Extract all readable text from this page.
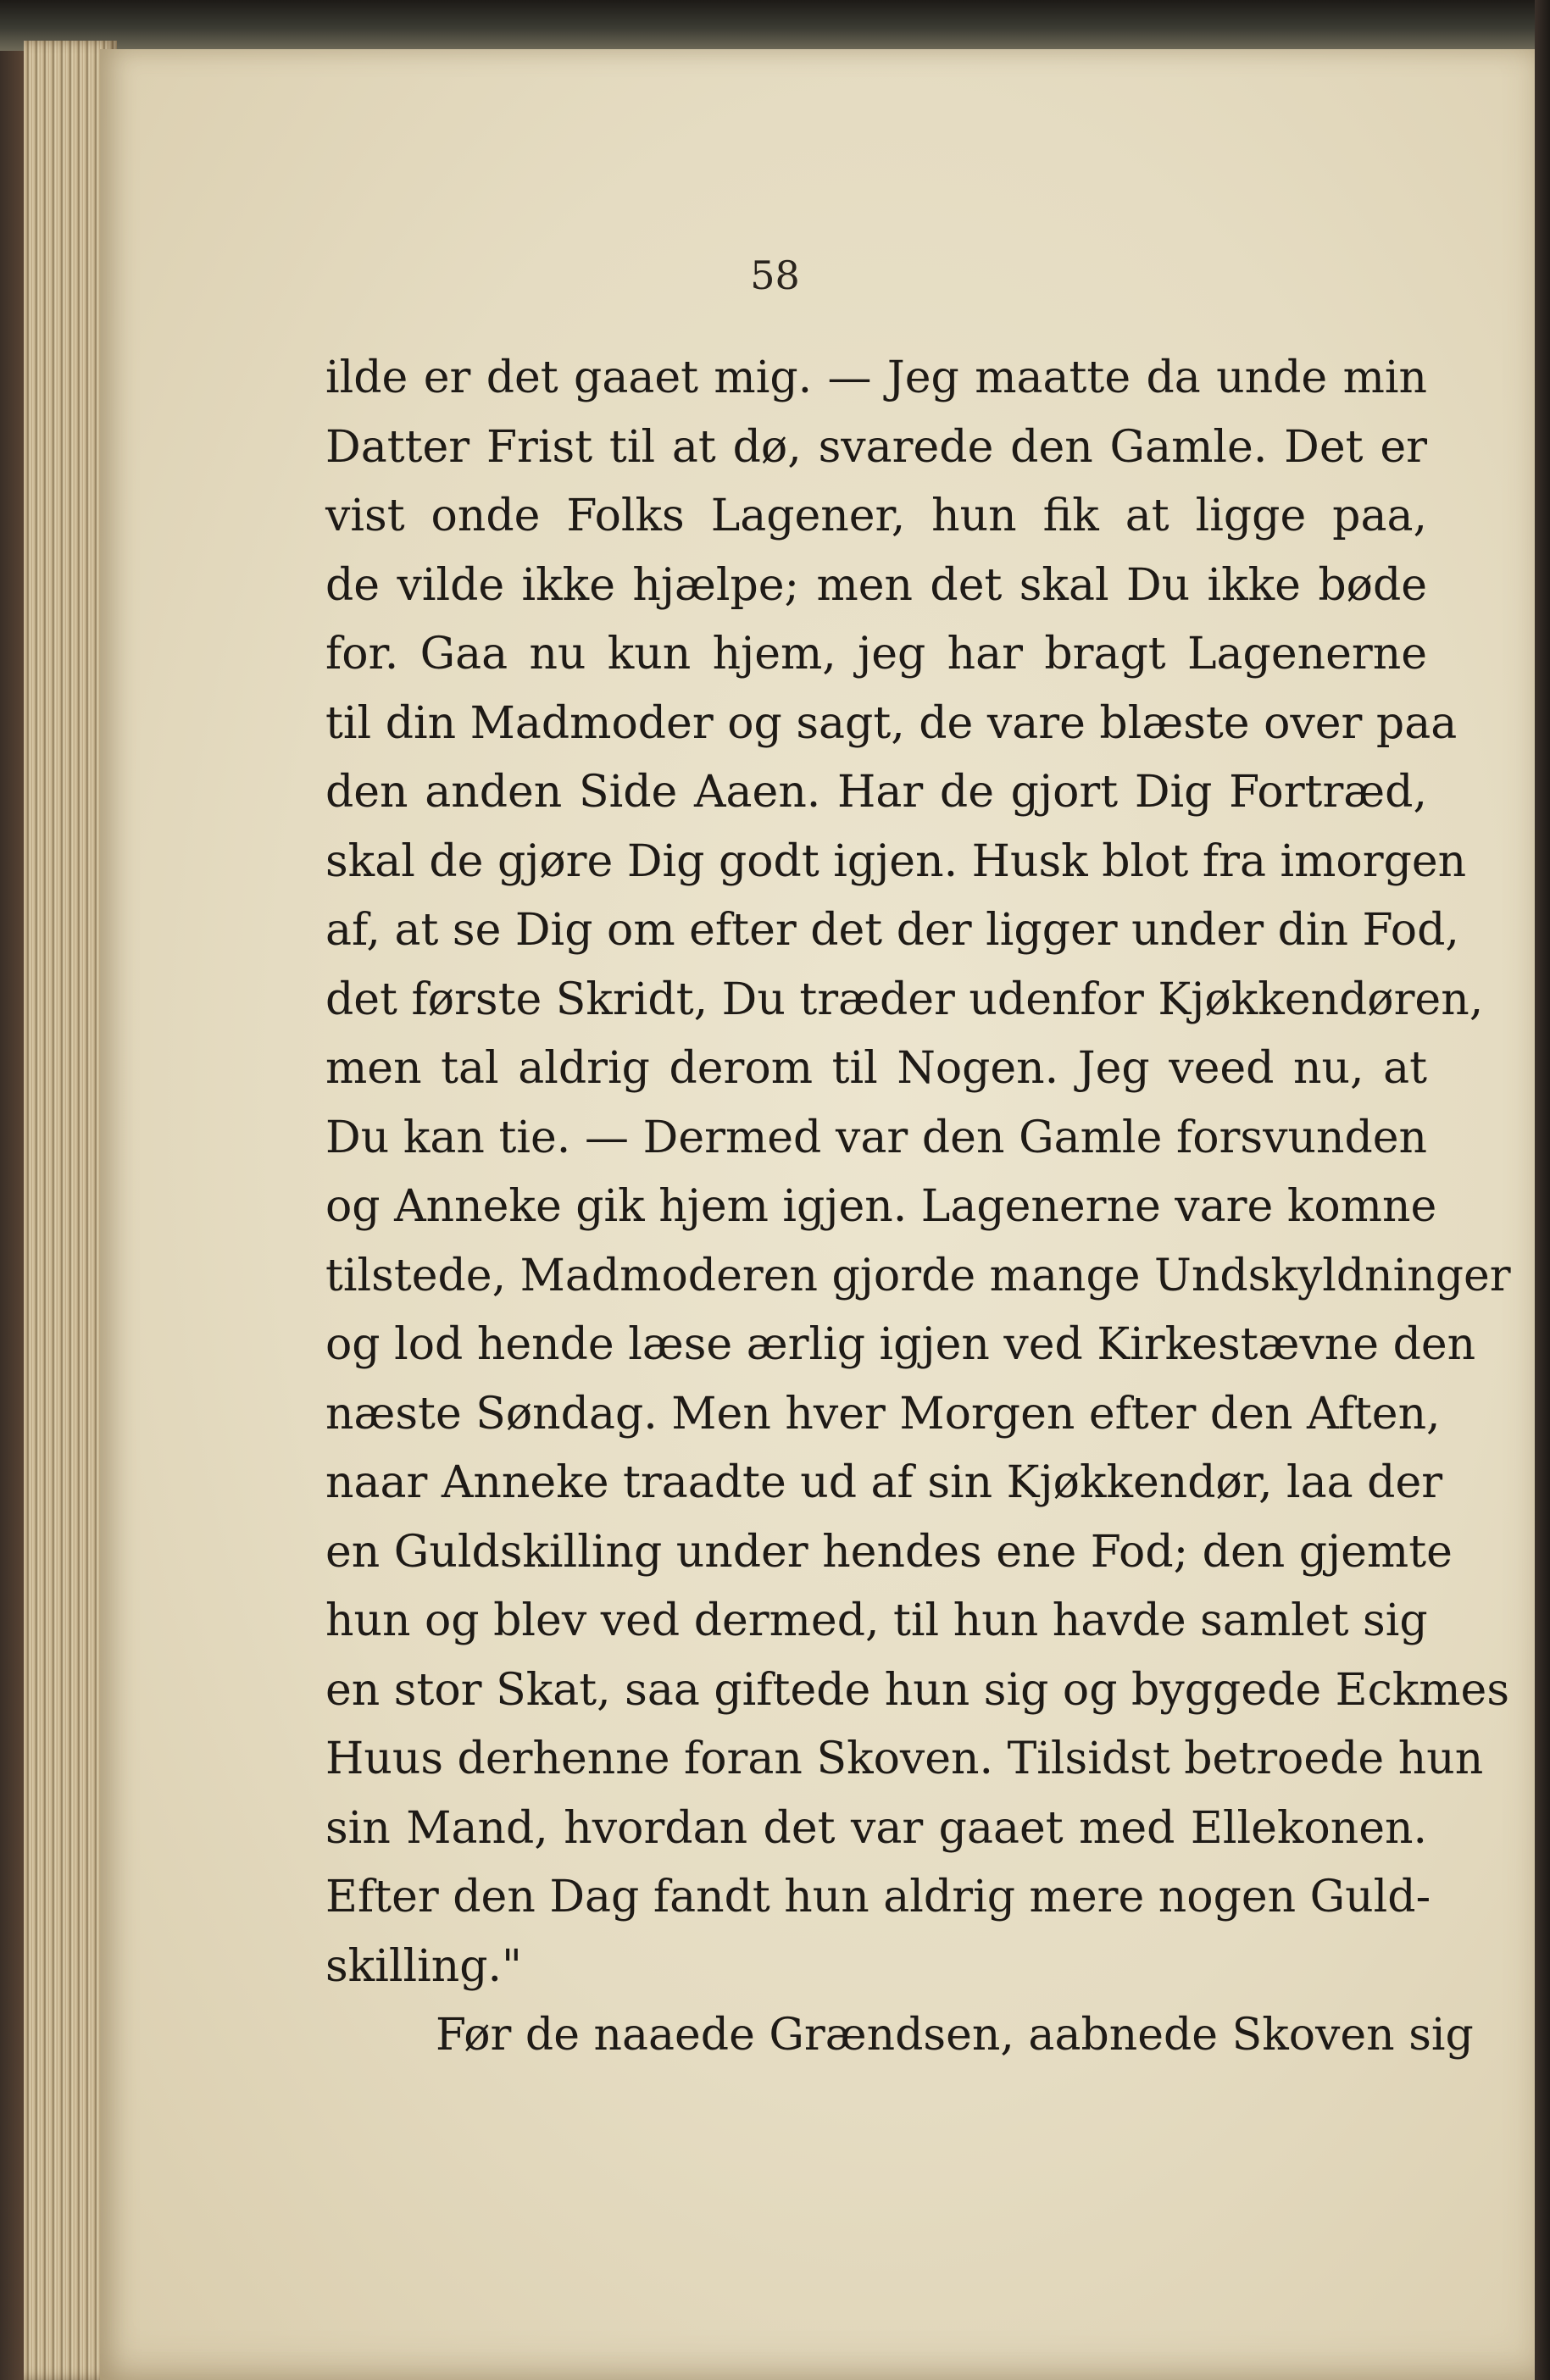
58
ilde er det gaaet mig. — Jeg maatte da unde min
Datter Frist til at dø, svarede den Gamle. Det er
vist onde Folks Lagener, hun fik at ligge paa,
de vilde ikke hjælpe; men det skal Du ikke bøde
for. Gaa nu kun hjem, jeg har bragt Lagenerne
til din Madmoder og sagt, de vare blæste over paa
den anden Side Aaen. Har de gjort Dig Fortræd,
skal de gjøre Dig godt igjen. Husk blot fra imorgen
af, at se Dig om efter det der ligger under din Fod,
det første Skridt, Du træder udenfor Kjøkkendøren,
men tal aldrig derom til Nogen. Jeg veed nu, at
Du kan tie. — Dermed var den Gamle forsvunden
og Anneke gik hjem igjen. Lagenerne vare komne
tilstede, Madmoderen gjorde mange Undskyldninger
og lod hende læse ærlig igjen ved Kirkestævne den
næste Søndag. Men hver Morgen efter den Aften,
naar Anneke traadte ud af sin Kjøkkendør, laa der
en Guldskilling under hendes ene Fod; den gjemte
hun og blev ved dermed, til hun havde samlet sig
en stor Skat, saa giftede hun sig og byggede Eckmes
Huus derhenne foran Skoven. Tilsidst betroede hun
sin Mand, hvordan det var gaaet med Ellekonen.
Efter den Dag fandt hun aldrig mere nogen Guld-
skilling."
Før de naaede Grændsen, aabnede Skoven sig
